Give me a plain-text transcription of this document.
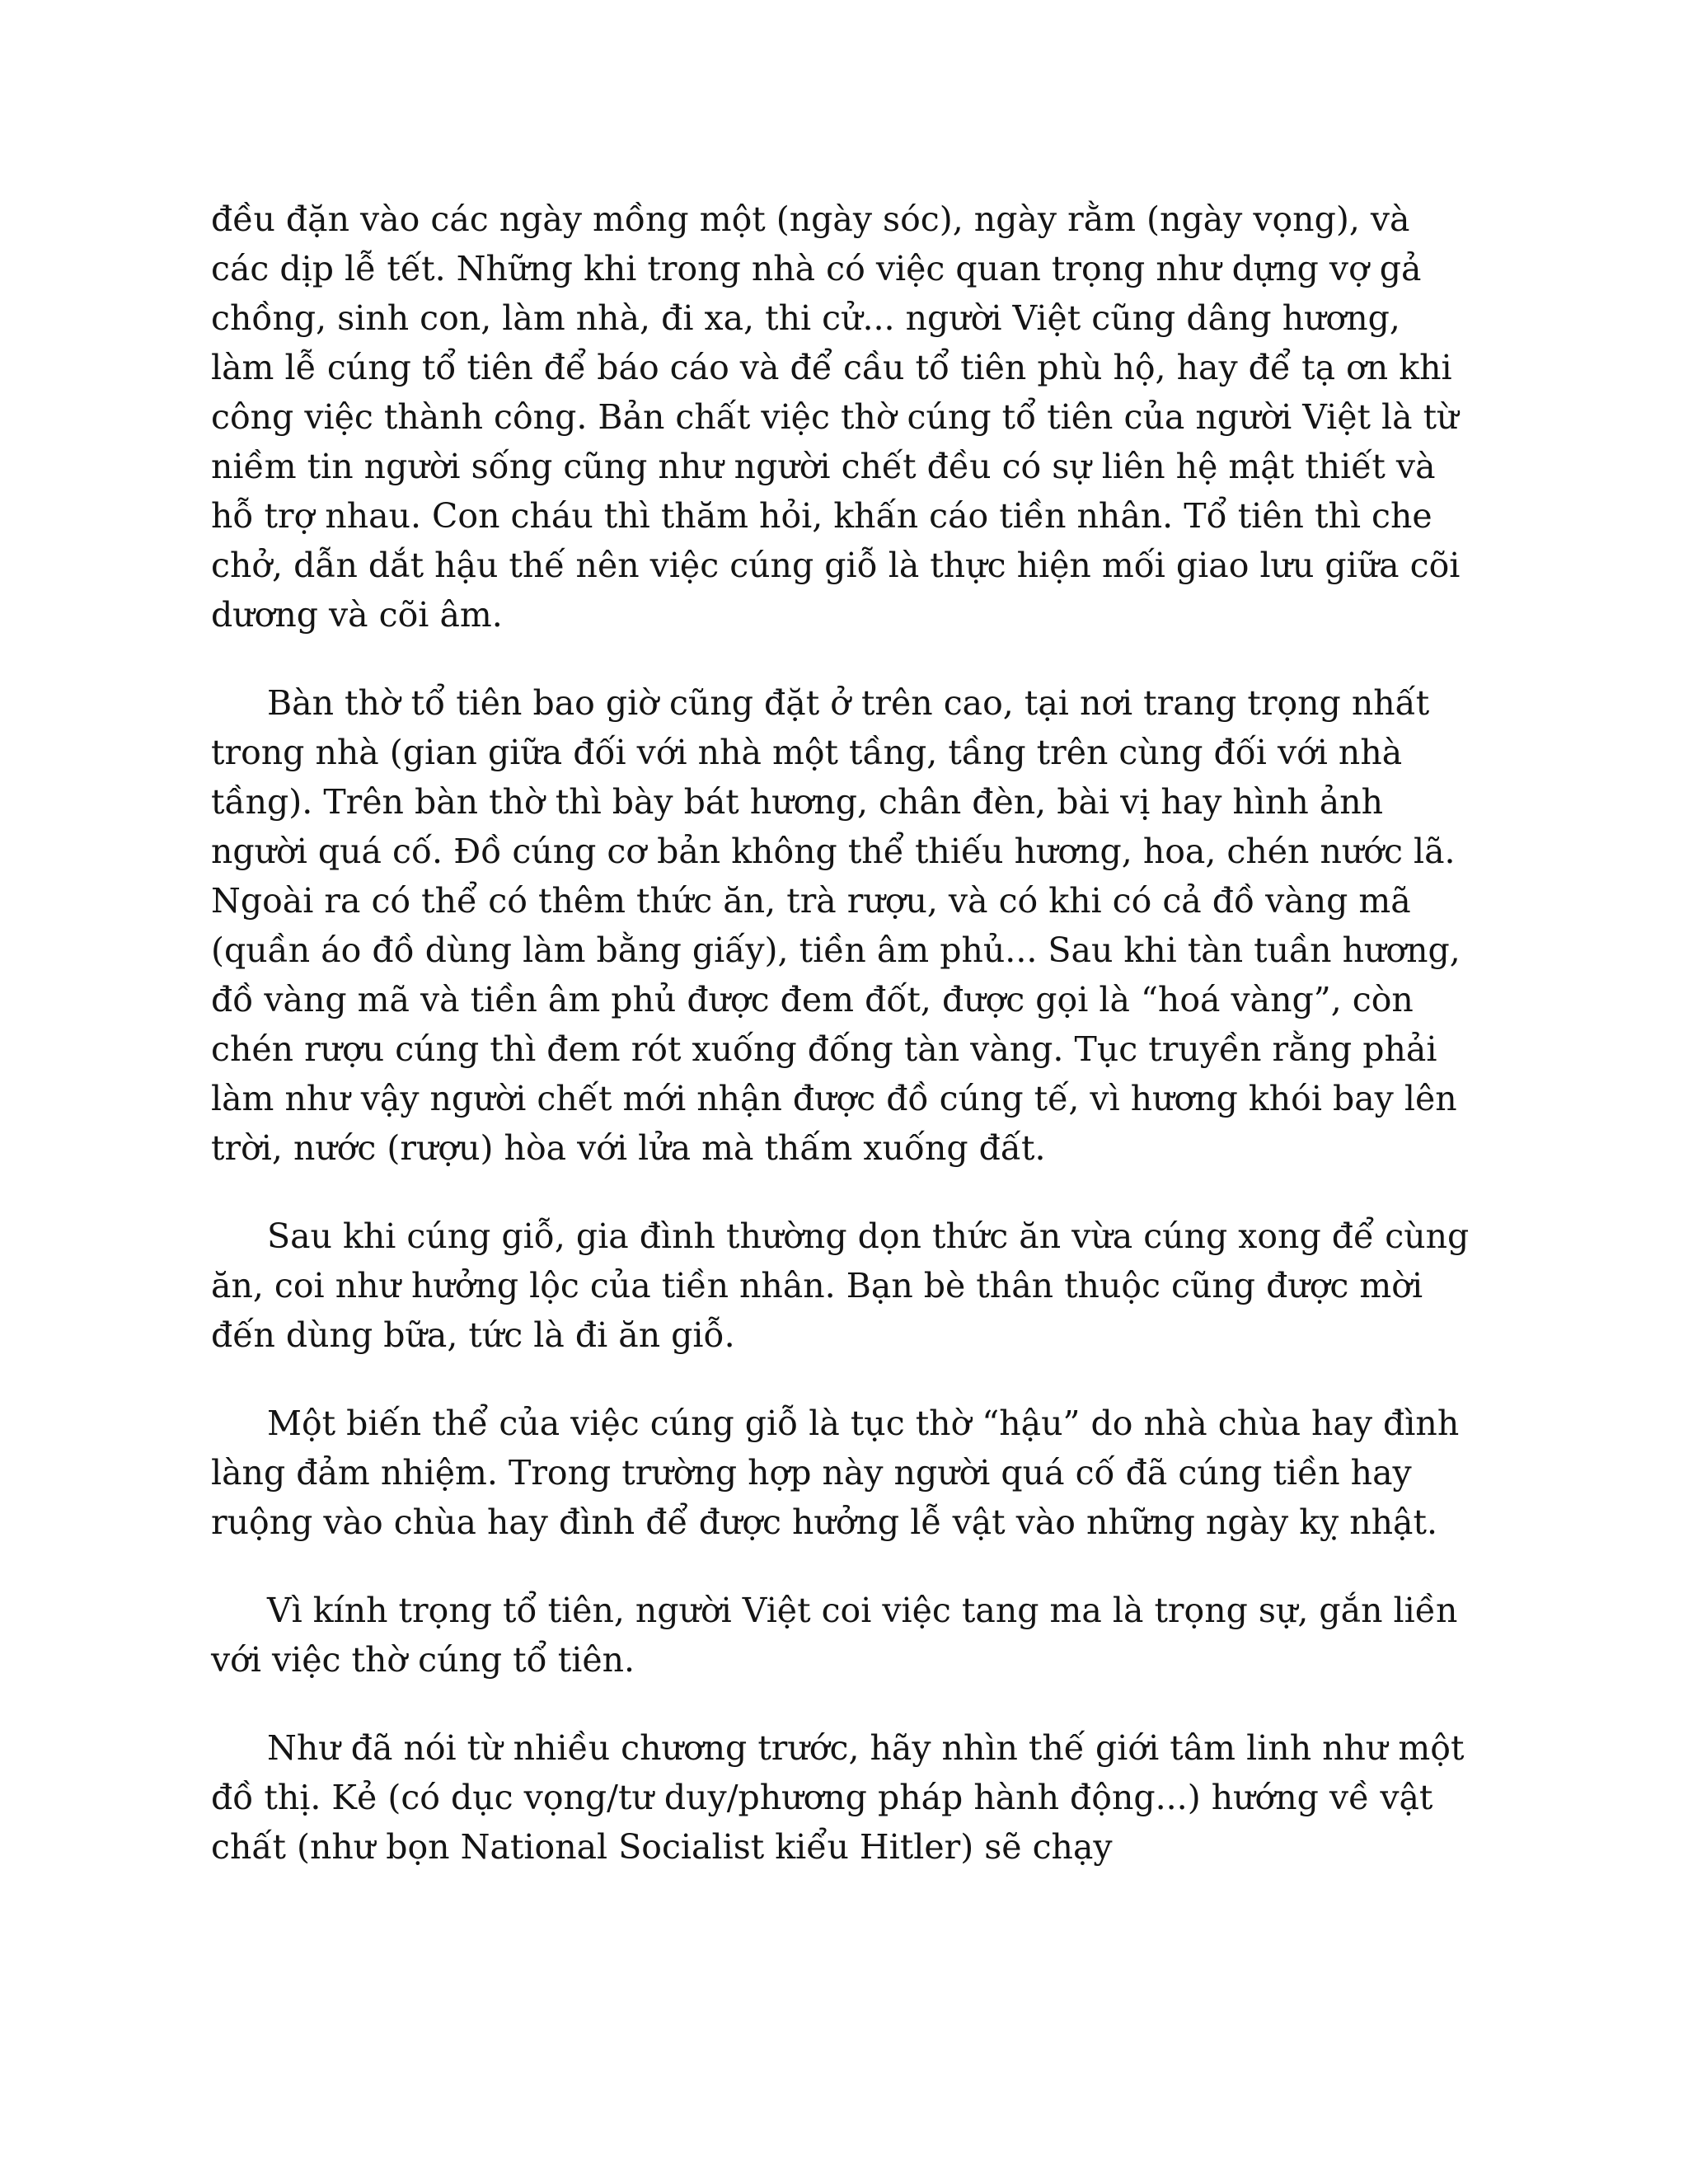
đều đặn vào các ngày mồng một (ngày sóc), ngày rằm (ngày vọng), và các dịp lễ tết. Những khi trong nhà có việc quan trọng như dựng vợ gả chồng, sinh con, làm nhà, đi xa, thi cử... người Việt cũng dâng hương, làm lễ cúng tổ tiên để báo cáo và để cầu tổ tiên phù hộ, hay để tạ ơn khi công việc thành công. Bản chất việc thờ cúng tổ tiên của người Việt là từ niềm tin người sống cũng như người chết đều có sự liên hệ mật thiết và hỗ trợ nhau. Con cháu thì thăm hỏi, khấn cáo tiền nhân. Tổ tiên thì che chở, dẫn dắt hậu thế nên việc cúng giỗ là thực hiện mối giao lưu giữa cõi dương và cõi âm.

Bàn thờ tổ tiên bao giờ cũng đặt ở trên cao, tại nơi trang trọng nhất trong nhà (gian giữa đối với nhà một tầng, tầng trên cùng đối với nhà tầng). Trên bàn thờ thì bày bát hương, chân đèn, bài vị hay hình ảnh người quá cố. Đồ cúng cơ bản không thể thiếu hương, hoa, chén nước lã. Ngoài ra có thể có thêm thức ăn, trà rượu, và có khi có cả đồ vàng mã (quần áo đồ dùng làm bằng giấy), tiền âm phủ... Sau khi tàn tuần hương, đồ vàng mã và tiền âm phủ được đem đốt, được gọi là “hoá vàng”, còn chén rượu cúng thì đem rót xuống đống tàn vàng. Tục truyền rằng phải làm như vậy người chết mới nhận được đồ cúng tế, vì hương khói bay lên trời, nước (rượu) hòa với lửa mà thấm xuống đất.

Sau khi cúng giỗ, gia đình thường dọn thức ăn vừa cúng xong để cùng ăn, coi như hưởng lộc của tiền nhân. Bạn bè thân thuộc cũng được mời đến dùng bữa, tức là đi ăn giỗ.

Một biến thể của việc cúng giỗ là tục thờ “hậu” do nhà chùa hay đình làng đảm nhiệm. Trong trường hợp này người quá cố đã cúng tiền hay ruộng vào chùa hay đình để được hưởng lễ vật vào những ngày kỵ nhật.

Vì kính trọng tổ tiên, người Việt coi việc tang ma là trọng sự, gắn liền với việc thờ cúng tổ tiên.

Như đã nói từ nhiều chương trước, hãy nhìn thế giới tâm linh như một đồ thị. Kẻ (có dục vọng/tư duy/phương pháp hành động...) hướng về vật chất (như bọn National Socialist kiểu Hitler) sẽ chạy
